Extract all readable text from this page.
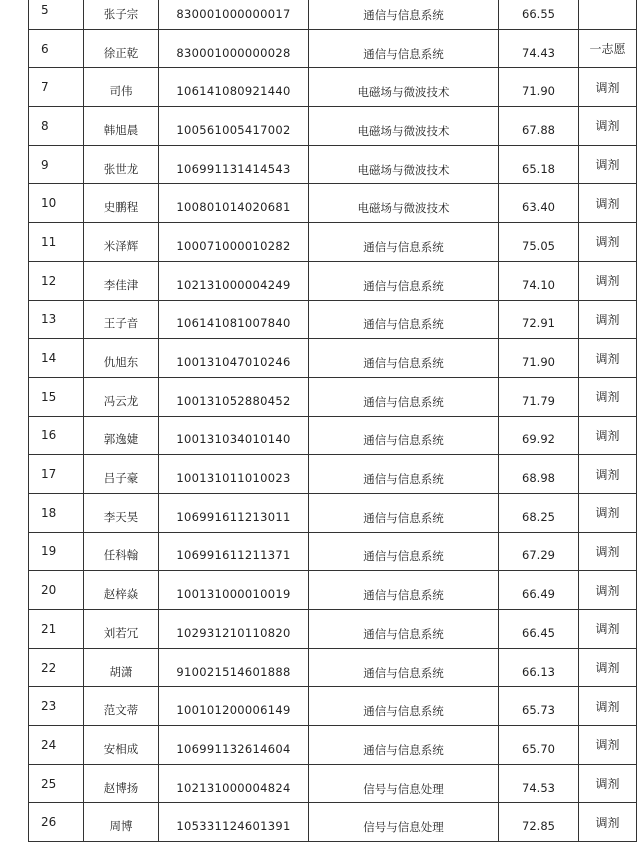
5	张子宗	830001000000017	通信与信息系统	66.55	
6	徐正乾	830001000000028	通信与信息系统	74.43	一志愿
7	司伟	106141080921440	电磁场与微波技术	71.90	调剂
8	韩旭晨	100561005417002	电磁场与微波技术	67.88	调剂
9	张世龙	106991131414543	电磁场与微波技术	65.18	调剂
10	史鹏程	100801014020681	电磁场与微波技术	63.40	调剂
11	米泽辉	100071000010282	通信与信息系统	75.05	调剂
12	李佳津	102131000004249	通信与信息系统	74.10	调剂
13	王子音	106141081007840	通信与信息系统	72.91	调剂
14	仇旭东	100131047010246	通信与信息系统	71.90	调剂
15	冯云龙	100131052880452	通信与信息系统	71.79	调剂
16	郭逸婕	100131034010140	通信与信息系统	69.92	调剂
17	吕子豪	100131011010023	通信与信息系统	68.98	调剂
18	李天昊	106991611213011	通信与信息系统	68.25	调剂
19	任科翰	106991611211371	通信与信息系统	67.29	调剂
20	赵梓焱	100131000010019	通信与信息系统	66.49	调剂
21	刘若冗	102931210110820	通信与信息系统	66.45	调剂
22	胡潇	910021514601888	通信与信息系统	66.13	调剂
23	范文蒂	100101200006149	通信与信息系统	65.73	调剂
24	安相成	106991132614604	通信与信息系统	65.70	调剂
25	赵博扬	102131000004824	信号与信息处理	74.53	调剂
26	周博	105331124601391	信号与信息处理	72.85	调剂
